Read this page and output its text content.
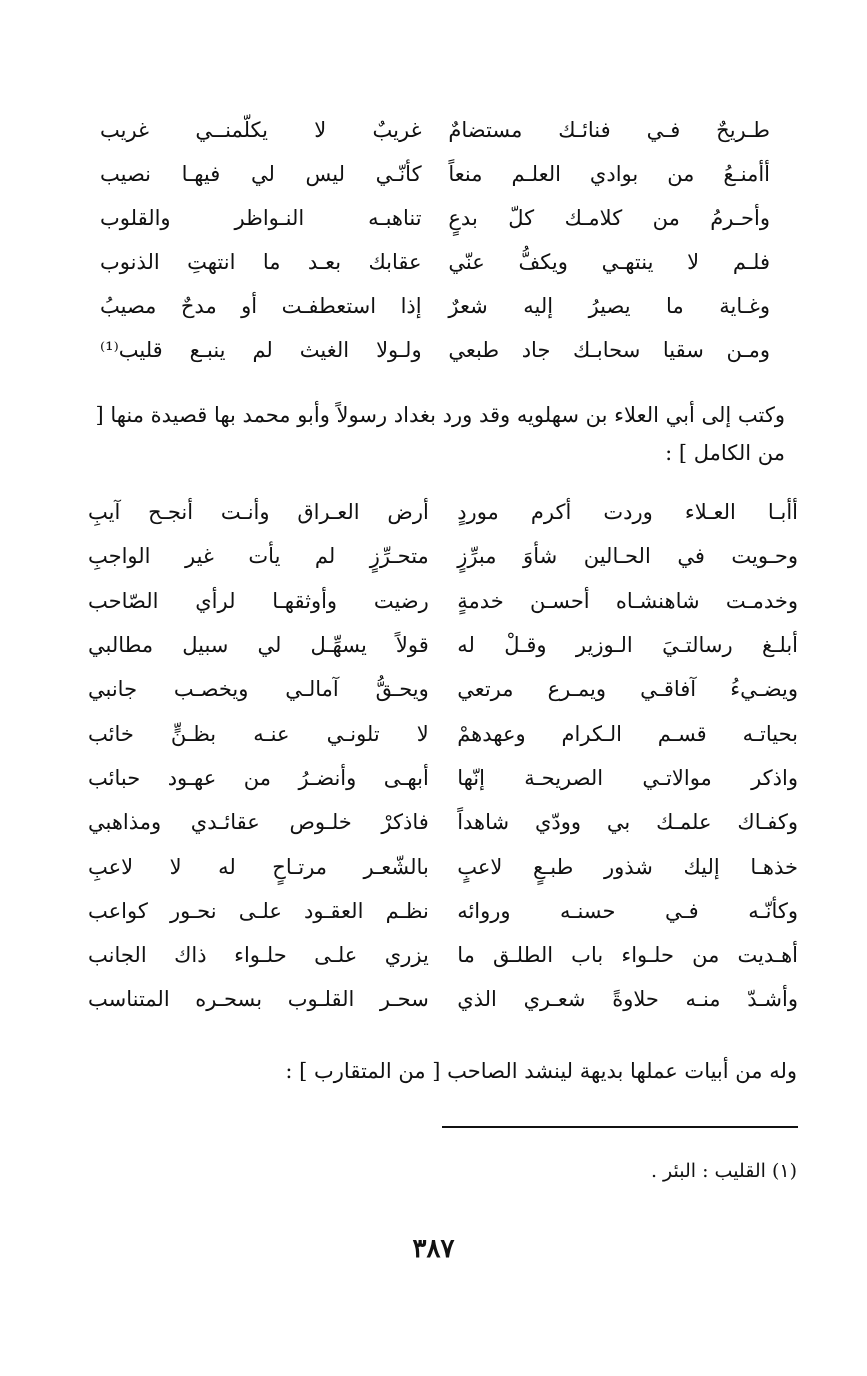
طـريحٌ فـي فنائـك مستضامٌ
غريبٌ لا يكلّمنــي غريب
أأمنـعُ من بوادي العلـم منعاً
كأنّـي ليس لي فيهـا نصيب
وأحـرمُ من كلامـك كلّ بدعٍ
تناهبـه النـواظر والقلوب
فلـم لا ينتهـي ويكفُّ عنّي
عقابك بعـد ما انتهتِ الذنوب
وغـاية ما يصيرُ إليه شعرٌ
إذا استعطفـت أو مدحٌ مصيبُ
ومـن سقيا سحابـك جاد طبعي
ولـولا الغيث لم ينبـع قليب⁽¹⁾
وكتب إلى أبي العلاء بن سهلويه وقد ورد بغداد رسولاً وأبو محمد بها قصيدة منها [ من الكامل ] :
أأبـا العـلاء وردت أكرم موردٍ
أرض العـراق وأنـت أنجـح آيبِ
وحـويت في الحـالين شأوَ مبرِّزٍ
متحـرِّزٍ لم يأت غير الواجبِ
وخدمـت شاهنشـاه أحسـن خدمةٍ
رضيت وأوثقهـا لرأي الصّاحب
أبلـغ رسالتـيَ الـوزير وقـلْ له
قولاً يسهِّـل لي سبيل مطالبي
ويضـيءُ آفاقـي ويمـرع مرتعي
ويحـقُّ آمالـي ويخصـب جانبي
بحياتـه قسـم الـكرام وعهدهمْ
لا تلونـي عنـه بظـنٍّ خائب
واذكر موالاتـي الصريحـة إنّها
أبهـى وأنضـرُ من عهـود حبائب
وكفـاك علمـك بي وودّي شاهداً
فاذكرْ خلـوص عقائـدي ومذاهبي
خذهـا إليك شذور طبـعٍ لاعبٍ
بالشّعـر مرتـاحٍ له لا لاعبِ
وكأنّـه فـي حسنـه وروائه
نظـم العقـود علـى نحـور كواعب
أهـديت من حلـواء باب الطلـق ما
يزري علـى حلـواء ذاك الجانب
وأشـدّ منـه حلاوةً شعـري الذي
سحـر القلـوب بسحـره المتناسب
وله من أبيات عملها بديهة لينشد الصاحب [ من المتقارب ] :
(١) القليب : البئر .
٣٨٧
